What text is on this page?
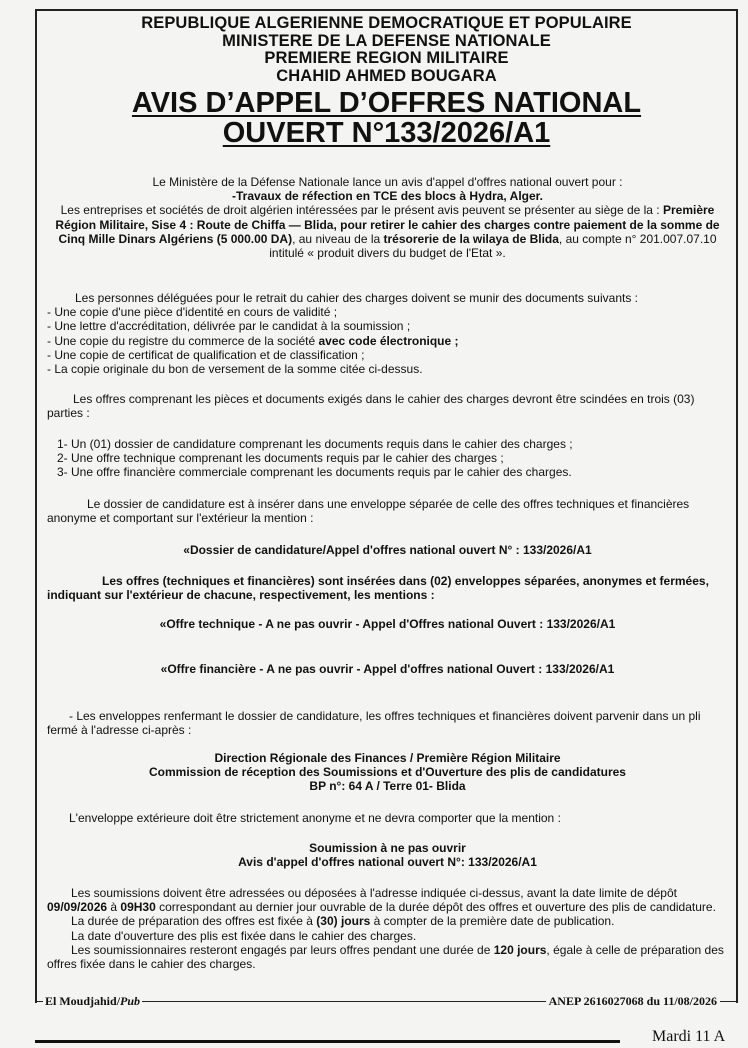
REPUBLIQUE ALGERIENNE DEMOCRATIQUE ET POPULAIRE
MINISTERE DE LA DEFENSE NATIONALE
PREMIERE REGION MILITAIRE
CHAHID AHMED BOUGARA
AVIS D’APPEL D’OFFRES NATIONAL
OUVERT N°133/2026/A1
Le Ministère de la Défense Nationale lance un avis d'appel d'offres national ouvert pour :
-Travaux de réfection en TCE des blocs à Hydra, Alger.
Les entreprises et sociétés de droit algérien intéressées par le présent avis peuvent se présenter au siège de la : Première Région Militaire, Sise 4 : Route de Chiffa — Blida, pour retirer le cahier des charges contre paiement de la somme de Cinq Mille Dinars Algériens (5 000.00 DA), au niveau de la trésorerie de la wilaya de Blida, au compte n° 201.007.07.10 intitulé « produit divers du budget de l'Etat ».
Les personnes déléguées pour le retrait du cahier des charges doivent se munir des documents suivants :
- Une copie d'une pièce d'identité en cours de validité ;
- Une lettre d'accréditation, délivrée par le candidat à la soumission ;
- Une copie du registre du commerce de la société avec code électronique ;
- Une copie de certificat de qualification et de classification ;
- La copie originale du bon de versement de la somme citée ci-dessus.
Les offres comprenant les pièces et documents exigés dans le cahier des charges devront être scindées en trois (03) parties :
1- Un (01) dossier de candidature comprenant les documents requis dans le cahier des charges ;
2- Une offre technique comprenant les documents requis par le cahier des charges ;
3- Une offre financière commerciale comprenant les documents requis par le cahier des charges.
Le dossier de candidature est à insérer dans une enveloppe séparée de celle des offres techniques et financières anonyme et comportant sur l'extérieur la mention :
«Dossier de candidature/Appel d'offres national ouvert N° : 133/2026/A1
Les offres (techniques et financières) sont insérées dans (02) enveloppes séparées, anonymes et fermées, indiquant sur l'extérieur de chacune, respectivement, les mentions :
«Offre technique - A ne pas ouvrir - Appel d'Offres national Ouvert : 133/2026/A1
«Offre financière - A ne pas ouvrir - Appel d'offres national Ouvert : 133/2026/A1
- Les enveloppes renfermant le dossier de candidature, les offres techniques et financières doivent parvenir dans un pli fermé à l'adresse ci-après :
Direction Régionale des Finances / Première Région Militaire
Commission de réception des Soumissions et d'Ouverture des plis de candidatures
BP n°: 64 A / Terre 01- Blida
L'enveloppe extérieure doit être strictement anonyme et ne devra comporter que la mention :
Soumission à ne pas ouvrir
Avis d'appel d'offres national ouvert N°: 133/2026/A1
Les soumissions doivent être adressées ou déposées à l'adresse indiquée ci-dessus, avant la date limite de dépôt 09/09/2026 à 09H30 correspondant au dernier jour ouvrable de la durée dépôt des offres et ouverture des plis de candidature.
La durée de préparation des offres est fixée à (30) jours à compter de la première date de publication.
La date d'ouverture des plis est fixée dans le cahier des charges.
Les soumissionnaires resteront engagés par leurs offres pendant une durée de 120 jours, égale à celle de préparation des offres fixée dans le cahier des charges.
El Moudjahid/Pub	ANEP 2616027068 du 11/08/2026
Mardi 11 A
